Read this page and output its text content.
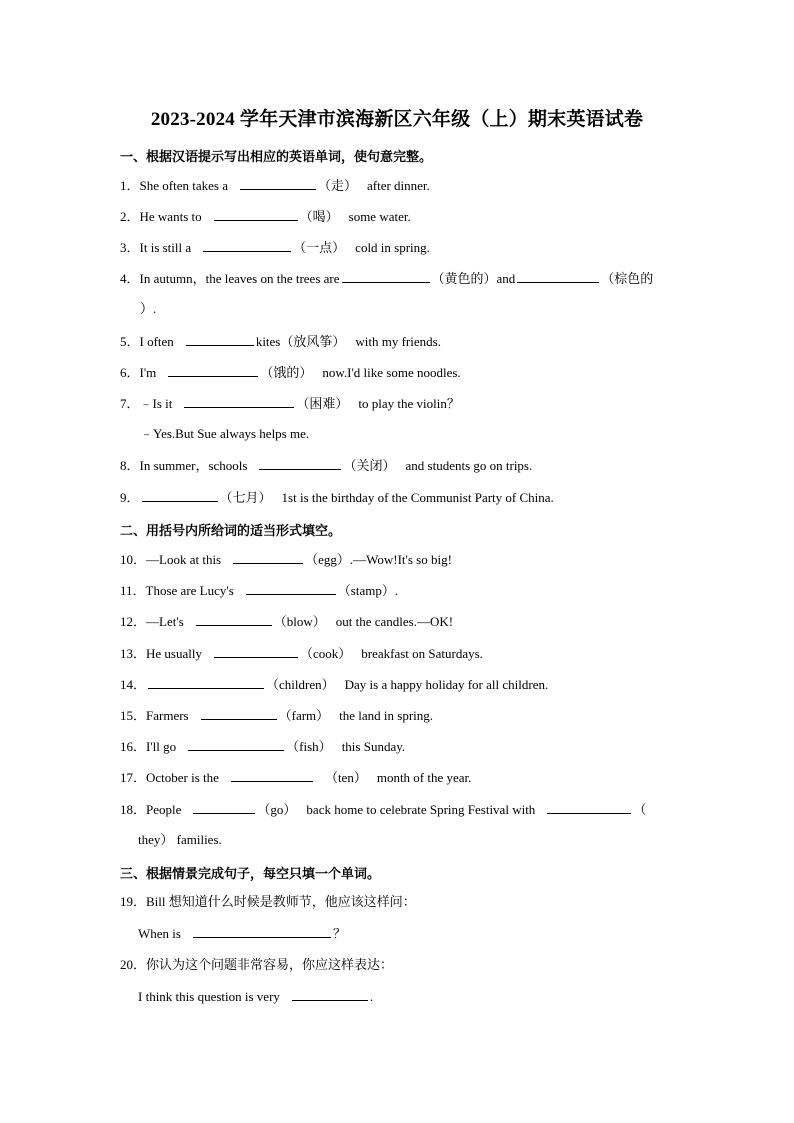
2023-2024 学年天津市滨海新区六年级（上）期末英语试卷
一、根据汉语提示写出相应的英语单词，使句意完整。
1．She often takes a	（走） after dinner.
2．He wants to	（喝） some water.
3．It is still a	（一点） cold in spring.
4．In autumn，the leaves on the trees are	（黄色的）and	（棕色的
）.
5．I often	kites（放风筝） with my friends.
6．I'm	（饿的） now.I'd like some noodles.
7．﹣Is it	（困难） to play the violin？
﹣Yes.But Sue always helps me.
8．In summer，schools	（关闭） and students go on trips.
9．	（七月） 1st is the birthday of the Communist Party of China.
二、用括号内所给词的适当形式填空。
10．—Look at this	（egg）.—Wow!It's so big!
11．Those are Lucy's	（stamp）.
12．—Let's	（blow） out the candles.—OK!
13．He usually	（cook） breakfast on Saturdays.
14．	（children） Day is a happy holiday for all children.
15．Farmers	（farm） the land in spring.
16．I'll go	（fish） this Sunday.
17．October is the	（ten） month of the year.
18．People	（go） back home to celebrate Spring Festival with	（
they） families.
三、根据情景完成句子，每空只填一个单词。
19．Bill 想知道什么时候是教师节，他应该这样问：
When is	？
20．你认为这个问题非常容易，你应这样表达：
I think this question is very	.
